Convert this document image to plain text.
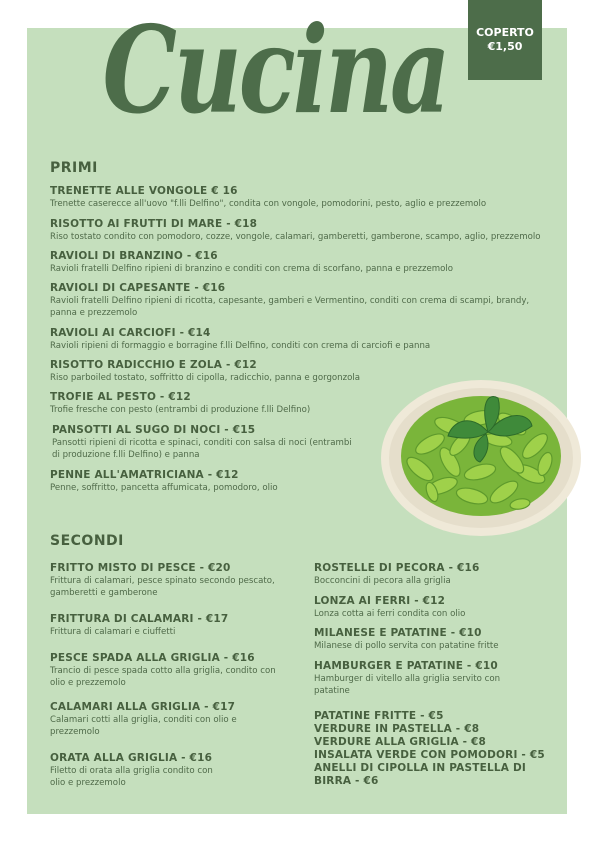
COPERTO
€1,50
Cucina
PRIMI
TRENETTE ALLE VONGOLE € 16
Trenette caserecce all'uovo "f.lli Delfino", condita con vongole, pomodorini, pesto, aglio e prezzemolo
RISOTTO AI FRUTTI DI MARE - €18
Riso tostato condito con pomodoro, cozze, vongole, calamari, gamberetti, gamberone, scampo, aglio, prezzemolo
RAVIOLI DI BRANZINO - €16
Ravioli fratelli Delfino ripieni di branzino e conditi con crema di scorfano, panna e prezzemolo
RAVIOLI DI CAPESANTE - €16
Ravioli fratelli Delfino ripieni di ricotta, capesante, gamberi e Vermentino, conditi con crema di scampi, brandy, panna e prezzemolo
RAVIOLI AI CARCIOFI - €14
Ravioli ripieni di formaggio e borragine f.lli Delfino, conditi con crema di carciofi e panna
RISOTTO RADICCHIO E ZOLA - €12
Riso parboiled tostato, soffritto di cipolla, radicchio, panna e gorgonzola
TROFIE AL PESTO - €12
Trofie fresche con pesto (entrambi di produzione f.lli Delfino)
PANSOTTI AL SUGO DI NOCI - €15
Pansotti ripieni di ricotta e spinaci, conditi con salsa di noci (entrambi di produzione f.lli Delfino) e panna
PENNE ALL'AMATRICIANA - €12
Penne, soffritto, pancetta affumicata, pomodoro, olio
SECONDI
FRITTO MISTO DI PESCE - €20
Frittura di calamari, pesce spinato secondo pescato, gamberetti e gamberone
FRITTURA DI CALAMARI - €17
Frittura di calamari e ciuffetti
PESCE SPADA ALLA GRIGLIA - €16
Trancio di pesce spada cotto alla griglia, condito con olio e prezzemolo
CALAMARI ALLA GRIGLIA - €17
Calamari cotti alla griglia, conditi con olio e prezzemolo
ORATA ALLA GRIGLIA - €16
Filetto di orata alla griglia condito con olio e prezzemolo
ROSTELLE DI PECORA - €16
Bocconcini di pecora alla griglia
LONZA AI FERRI - €12
Lonza cotta ai ferri condita con olio
MILANESE E PATATINE - €10
Milanese di pollo servita con patatine fritte
HAMBURGER E PATATINE - €10
Hamburger di vitello alla griglia servito con patatine
PATATINE FRITTE - €5
VERDURE IN PASTELLA - €8
VERDURE ALLA GRIGLIA - €8
INSALATA VERDE CON POMODORI - €5
ANELLI DI CIPOLLA IN PASTELLA DI
BIRRA - €6
